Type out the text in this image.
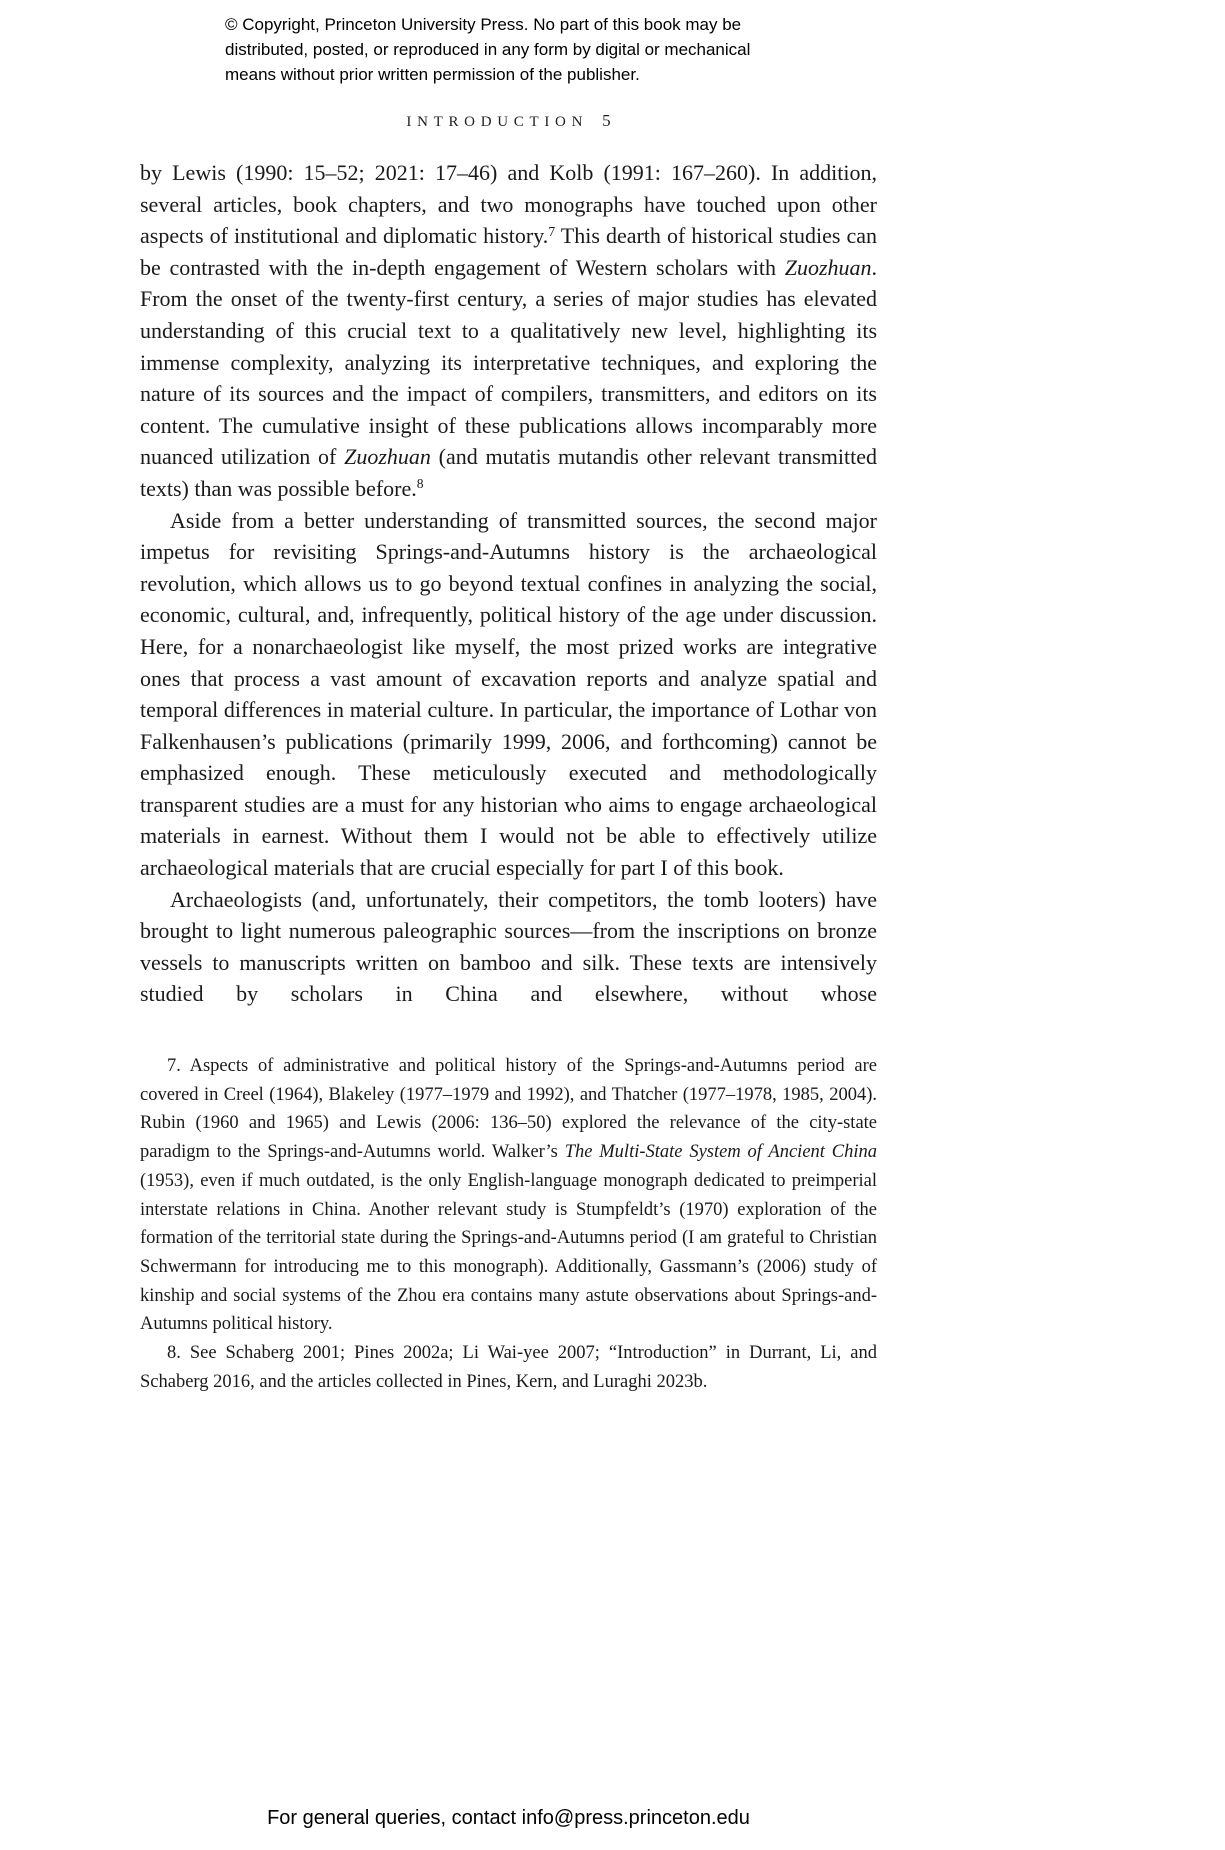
© Copyright, Princeton University Press. No part of this book may be
distributed, posted, or reproduced in any form by digital or mechanical
means without prior written permission of the publisher.
INTRODUCTION 5

by Lewis (1990: 15–52; 2021: 17–46) and Kolb (1991: 167–260). In addition, several articles, book chapters, and two monographs have touched upon other aspects of institutional and diplomatic history.$^7$ This dearth of historical studies can be contrasted with the in-depth engagement of Western scholars with Zuozhuan. From the onset of the twenty-first century, a series of major studies has elevated understanding of this crucial text to a qualitatively new level, highlighting its immense complexity, analyzing its interpretative techniques, and exploring the nature of its sources and the impact of compilers, transmitters, and editors on its content. The cumulative insight of these publications allows incomparably more nuanced utilization of Zuozhuan (and mutatis mutandis other relevant transmitted texts) than was possible before.$^8$

Aside from a better understanding of transmitted sources, the second major impetus for revisiting Springs-and-Autumns history is the archaeological revolution, which allows us to go beyond textual confines in analyzing the social, economic, cultural, and, infrequently, political history of the age under discussion. Here, for a nonarchaeologist like myself, the most prized works are integrative ones that process a vast amount of excavation reports and analyze spatial and temporal differences in material culture. In particular, the importance of Lothar von Falkenhausen’s publications (primarily 1999, 2006, and forthcoming) cannot be emphasized enough. These meticulously executed and methodologically transparent studies are a must for any historian who aims to engage archaeological materials in earnest. Without them I would not be able to effectively utilize archaeological materials that are crucial especially for part I of this book.

Archaeologists (and, unfortunately, their competitors, the tomb looters) have brought to light numerous paleographic sources—from the inscriptions on bronze vessels to manuscripts written on bamboo and silk. These texts are intensively studied by scholars in China and elsewhere, without whose

7. Aspects of administrative and political history of the Springs-and-Autumns period are covered in Creel (1964), Blakeley (1977–1979 and 1992), and Thatcher (1977–1978, 1985, 2004). Rubin (1960 and 1965) and Lewis (2006: 136–50) explored the relevance of the city-state paradigm to the Springs-and-Autumns world. Walker’s The Multi-State System of Ancient China (1953), even if much outdated, is the only English-language monograph dedicated to preimperial interstate relations in China. Another relevant study is Stumpfeldt’s (1970) exploration of the formation of the territorial state during the Springs-and-Autumns period (I am grateful to Christian Schwermann for introducing me to this monograph). Additionally, Gassmann’s (2006) study of kinship and social systems of the Zhou era contains many astute observations about Springs-and-Autumns political history.

8. See Schaberg 2001; Pines 2002a; Li Wai-yee 2007; “Introduction” in Durrant, Li, and Schaberg 2016, and the articles collected in Pines, Kern, and Luraghi 2023b.

For general queries, contact info@press.princeton.edu
